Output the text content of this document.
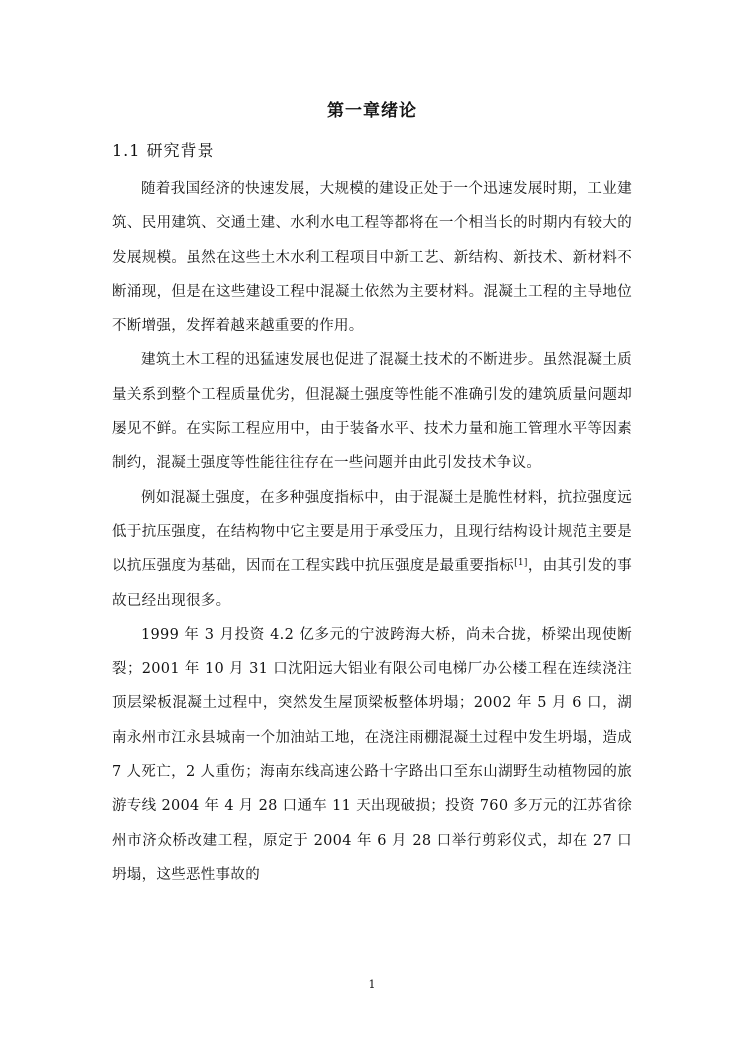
第一章绪论
1.1 研究背景

随着我国经济的快速发展，大规模的建设正处于一个迅速发展时期，工业建筑、民用建筑、交通土建、水利水电工程等都将在一个相当长的时期内有较大的发展规模。虽然在这些土木水利工程项目中新工艺、新结构、新技术、新材料不断涌现，但是在这些建设工程中混凝土依然为主要材料。混凝土工程的主导地位不断增强，发挥着越来越重要的作用。

建筑土木工程的迅猛速发展也促进了混凝土技术的不断进步。虽然混凝土质量关系到整个工程质量优劣，但混凝土强度等性能不准确引发的建筑质量问题却屡见不鲜。在实际工程应用中，由于装备水平、技术力量和施工管理水平等因素制约，混凝土强度等性能往往存在一些问题并由此引发技术争议。

例如混凝土强度，在多种强度指标中，由于混凝土是脆性材料，抗拉强度远低于抗压强度，在结构物中它主要是用于承受压力，且现行结构设计规范主要是以抗压强度为基础，因而在工程实践中抗压强度是最重要指标[1]，由其引发的事故已经出现很多。

1999 年 3 月投资 4.2 亿多元的宁波跨海大桥，尚未合拢，桥梁出现使断裂；2001 年 10 月 31 口沈阳远大铝业有限公司电梯厂办公楼工程在连续浇注顶层梁板混凝土过程中，突然发生屋顶梁板整体坍塌；2002 年 5 月 6 口，湖南永州市江永县城南一个加油站工地，在浇注雨棚混凝土过程中发生坍塌，造成 7 人死亡，2 人重伤；海南东线高速公路十字路出口至东山湖野生动植物园的旅游专线 2004 年 4 月 28 口通车 11 天出现破损；投资 760 多万元的江苏省徐州市济众桥改建工程，原定于 2004 年 6 月 28 口举行剪彩仪式，却在 27 口坍塌，这些恶性事故的

1
